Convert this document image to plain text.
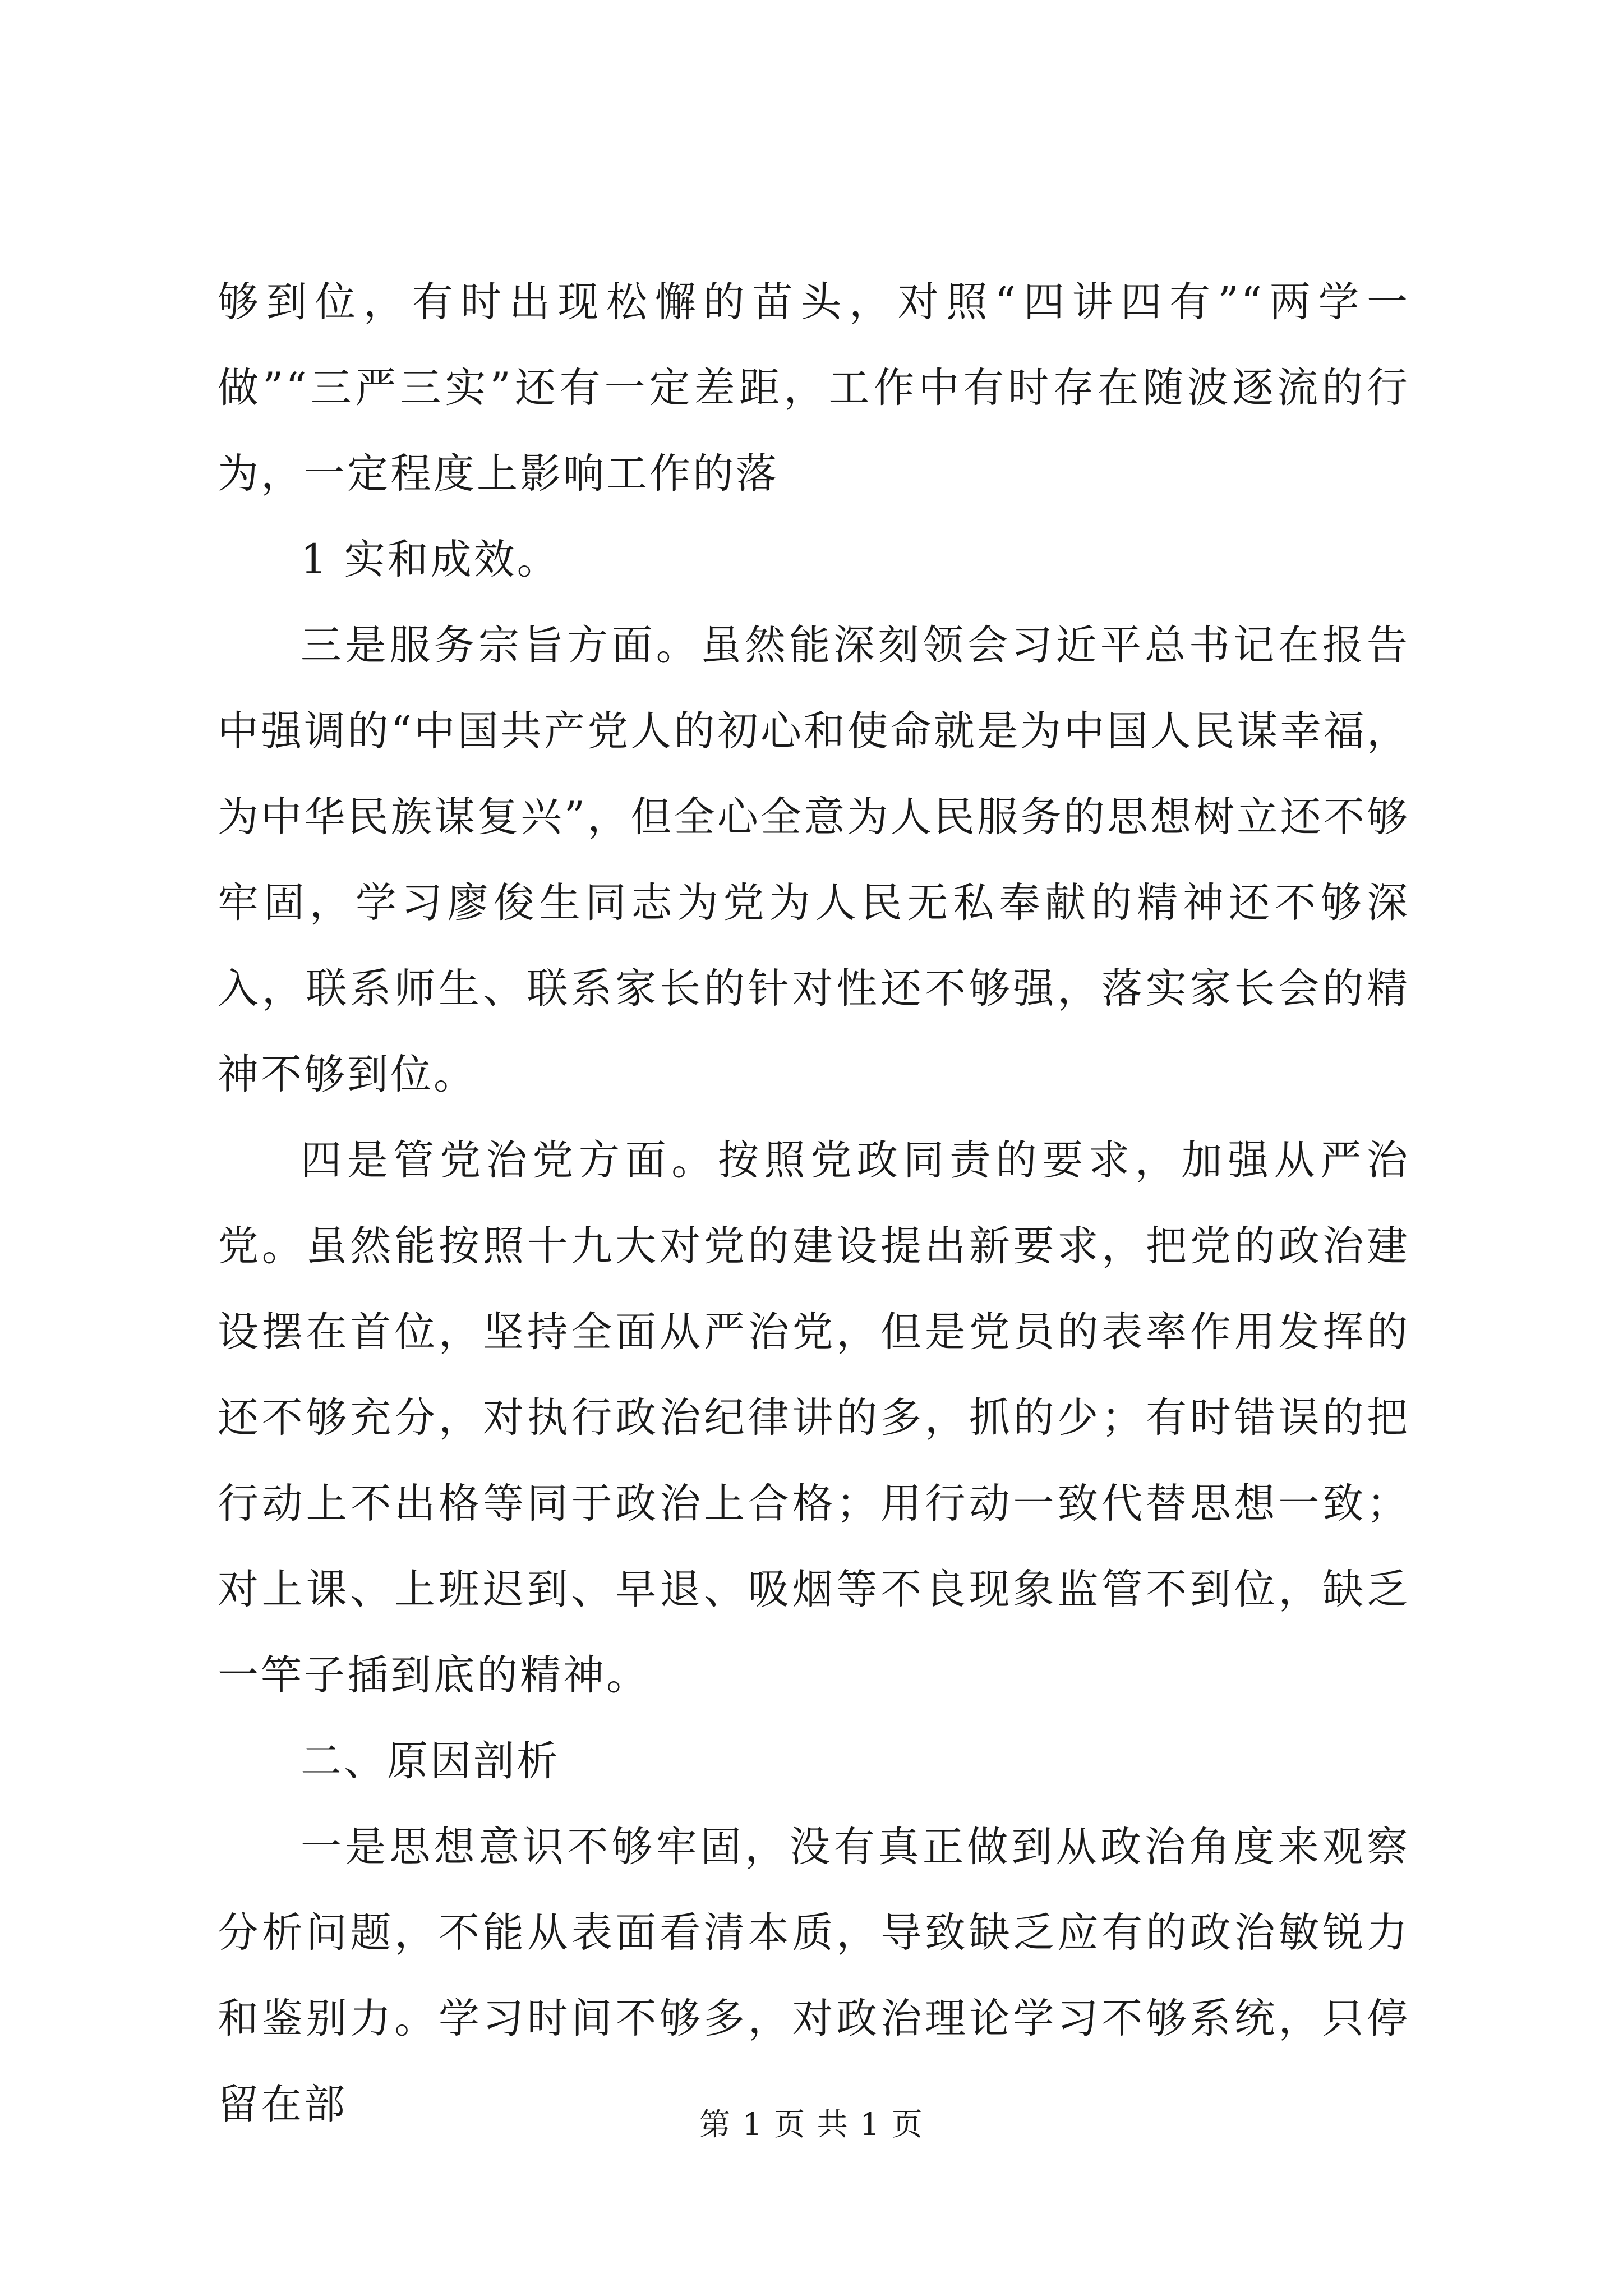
够到位，有时出现松懈的苗头，对照“四讲四有”“两学一做”“三严三实”还有一定差距，工作中有时存在随波逐流的行为，一定程度上影响工作的落

1 实和成效。

三是服务宗旨方面。虽然能深刻领会习近平总书记在报告中强调的“中国共产党人的初心和使命就是为中国人民谋幸福，为中华民族谋复兴”，但全心全意为人民服务的思想树立还不够牢固，学习廖俊生同志为党为人民无私奉献的精神还不够深入，联系师生、联系家长的针对性还不够强，落实家长会的精神不够到位。

四是管党治党方面。按照党政同责的要求，加强从严治党。虽然能按照十九大对党的建设提出新要求，把党的政治建设摆在首位，坚持全面从严治党，但是党员的表率作用发挥的还不够充分，对执行政治纪律讲的多，抓的少；有时错误的把行动上不出格等同于政治上合格；用行动一致代替思想一致；对上课、上班迟到、早退、吸烟等不良现象监管不到位，缺乏一竿子插到底的精神。

二、原因剖析

一是思想意识不够牢固，没有真正做到从政治角度来观察分析问题，不能从表面看清本质，导致缺乏应有的政治敏锐力和鉴别力。学习时间不够多，对政治理论学习不够系统，只停留在部	第 1 页 共 1 页
